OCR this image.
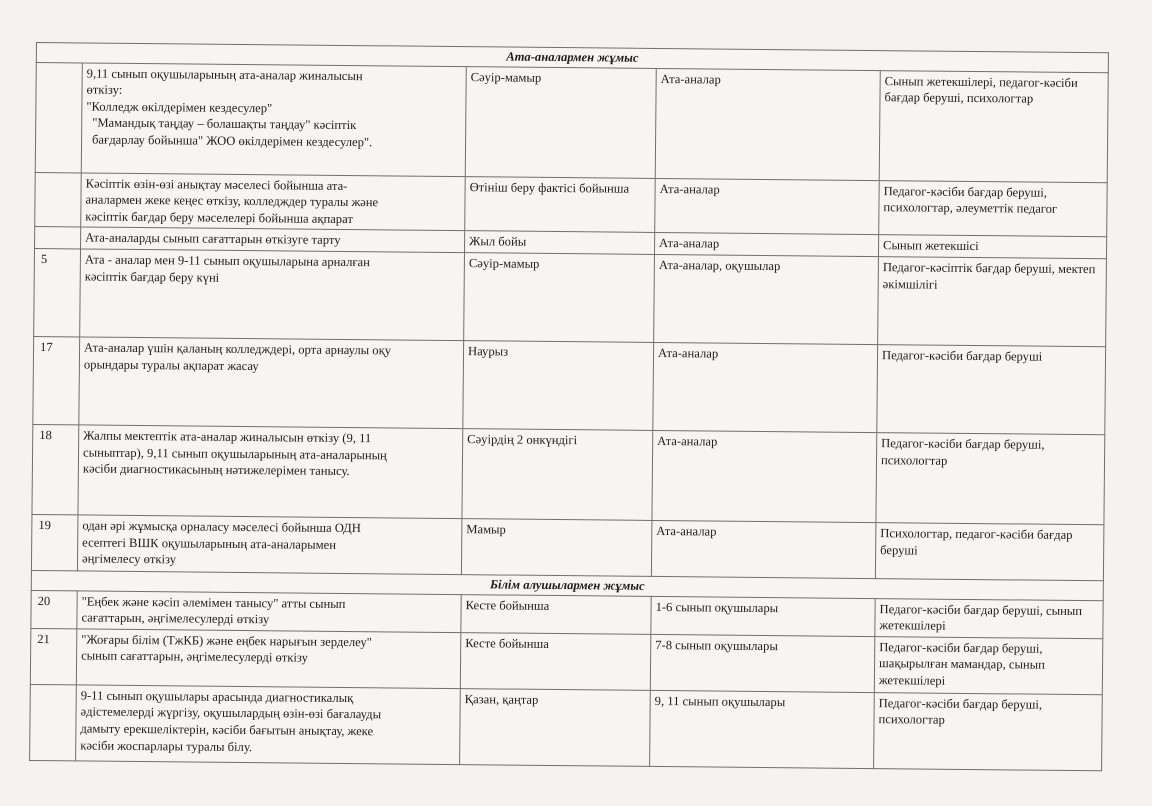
Ата-аналармен жұмыс				

	9,11 сынып оқушыларының ата-аналар жиналысын
өткізу:
"Колледж өкілдерімен кездесулер"
"Мамандық таңдау – болашақты таңдау" кәсіптік
бағдарлау бойынша" ЖОО өкілдерімен кездесулер".	Сәуір-мамыр	Ата-аналар	Сынып жетекшілері, педагог-кәсіби бағдар беруші, психологтар

	Кәсіптік өзін-өзі анықтау мәселесі бойынша ата-
аналармен жеке кеңес өткізу, колледждер туралы және
кәсіптік бағдар беру мәселелері бойынша ақпарат	Өтініш беру фактісі бойынша	Ата-аналар	Педагог-кәсіби бағдар беруші, психологтар, әлеуметтік педагог

	Ата-аналарды сынып сағаттарын өткізуге тарту	Жыл бойы	Ата-аналар	Сынып жетекшісі
5	Ата - аналар мен 9-11 сынып оқушыларына арналған
кәсіптік бағдар беру күні	Сәуір-мамыр	Ата-аналар, оқушылар	Педагог-кәсіптік бағдар беруші, мектеп әкімшілігі
17	Ата-аналар үшін қаланың колледждері, орта арнаулы оқу
орындары туралы ақпарат жасау	Наурыз	Ата-аналар	Педагог-кәсіби бағдар беруші
18	Жалпы мектептік ата-аналар жиналысын өткізу (9, 11
сыныптар), 9,11 сынып оқушыларының ата-аналарының
кәсіби диагностикасының нәтижелерімен танысу.	Сәуірдің 2 онкүндігі	Ата-аналар	Педагог-кәсіби бағдар беруші, психологтар
19	одан әрі жұмысқа орналасу мәселесі бойынша ОДН
есептегі ВШК оқушыларының ата-аналарымен
әңгімелесу өткізу	Мамыр	Ата-аналар	Психологтар, педагог-кәсіби бағдар беруші
Білім алушылармен жұмыс				
20	"Еңбек және кәсіп әлемімен танысу" атты сынып
сағаттарын, әңгімелесулерді өткізу	Кесте бойынша	1-6 сынып оқушылары	Педагог-кәсіби бағдар беруші, сынып жетекшілері
21	"Жоғары білім (ТжКБ) және еңбек нарығын зерделеу"
сынып сағаттарын, әңгімелесулерді өткізу	Кесте бойынша	7-8 сынып оқушылары	Педагог-кәсіби бағдар беруші, шақырылған мамандар, сынып жетекшілері

	9-11 сынып оқушылары арасында диагностикалық
әдістемелерді жүргізу, оқушылардың өзін-өзі бағалауды
дамыту ерекшеліктерін, кәсіби бағытын анықтау, жеке
кәсіби жоспарлары туралы білу.	Қазан, қаңтар	9, 11 сынып оқушылары	Педагог-кәсіби бағдар беруші, психологтар
